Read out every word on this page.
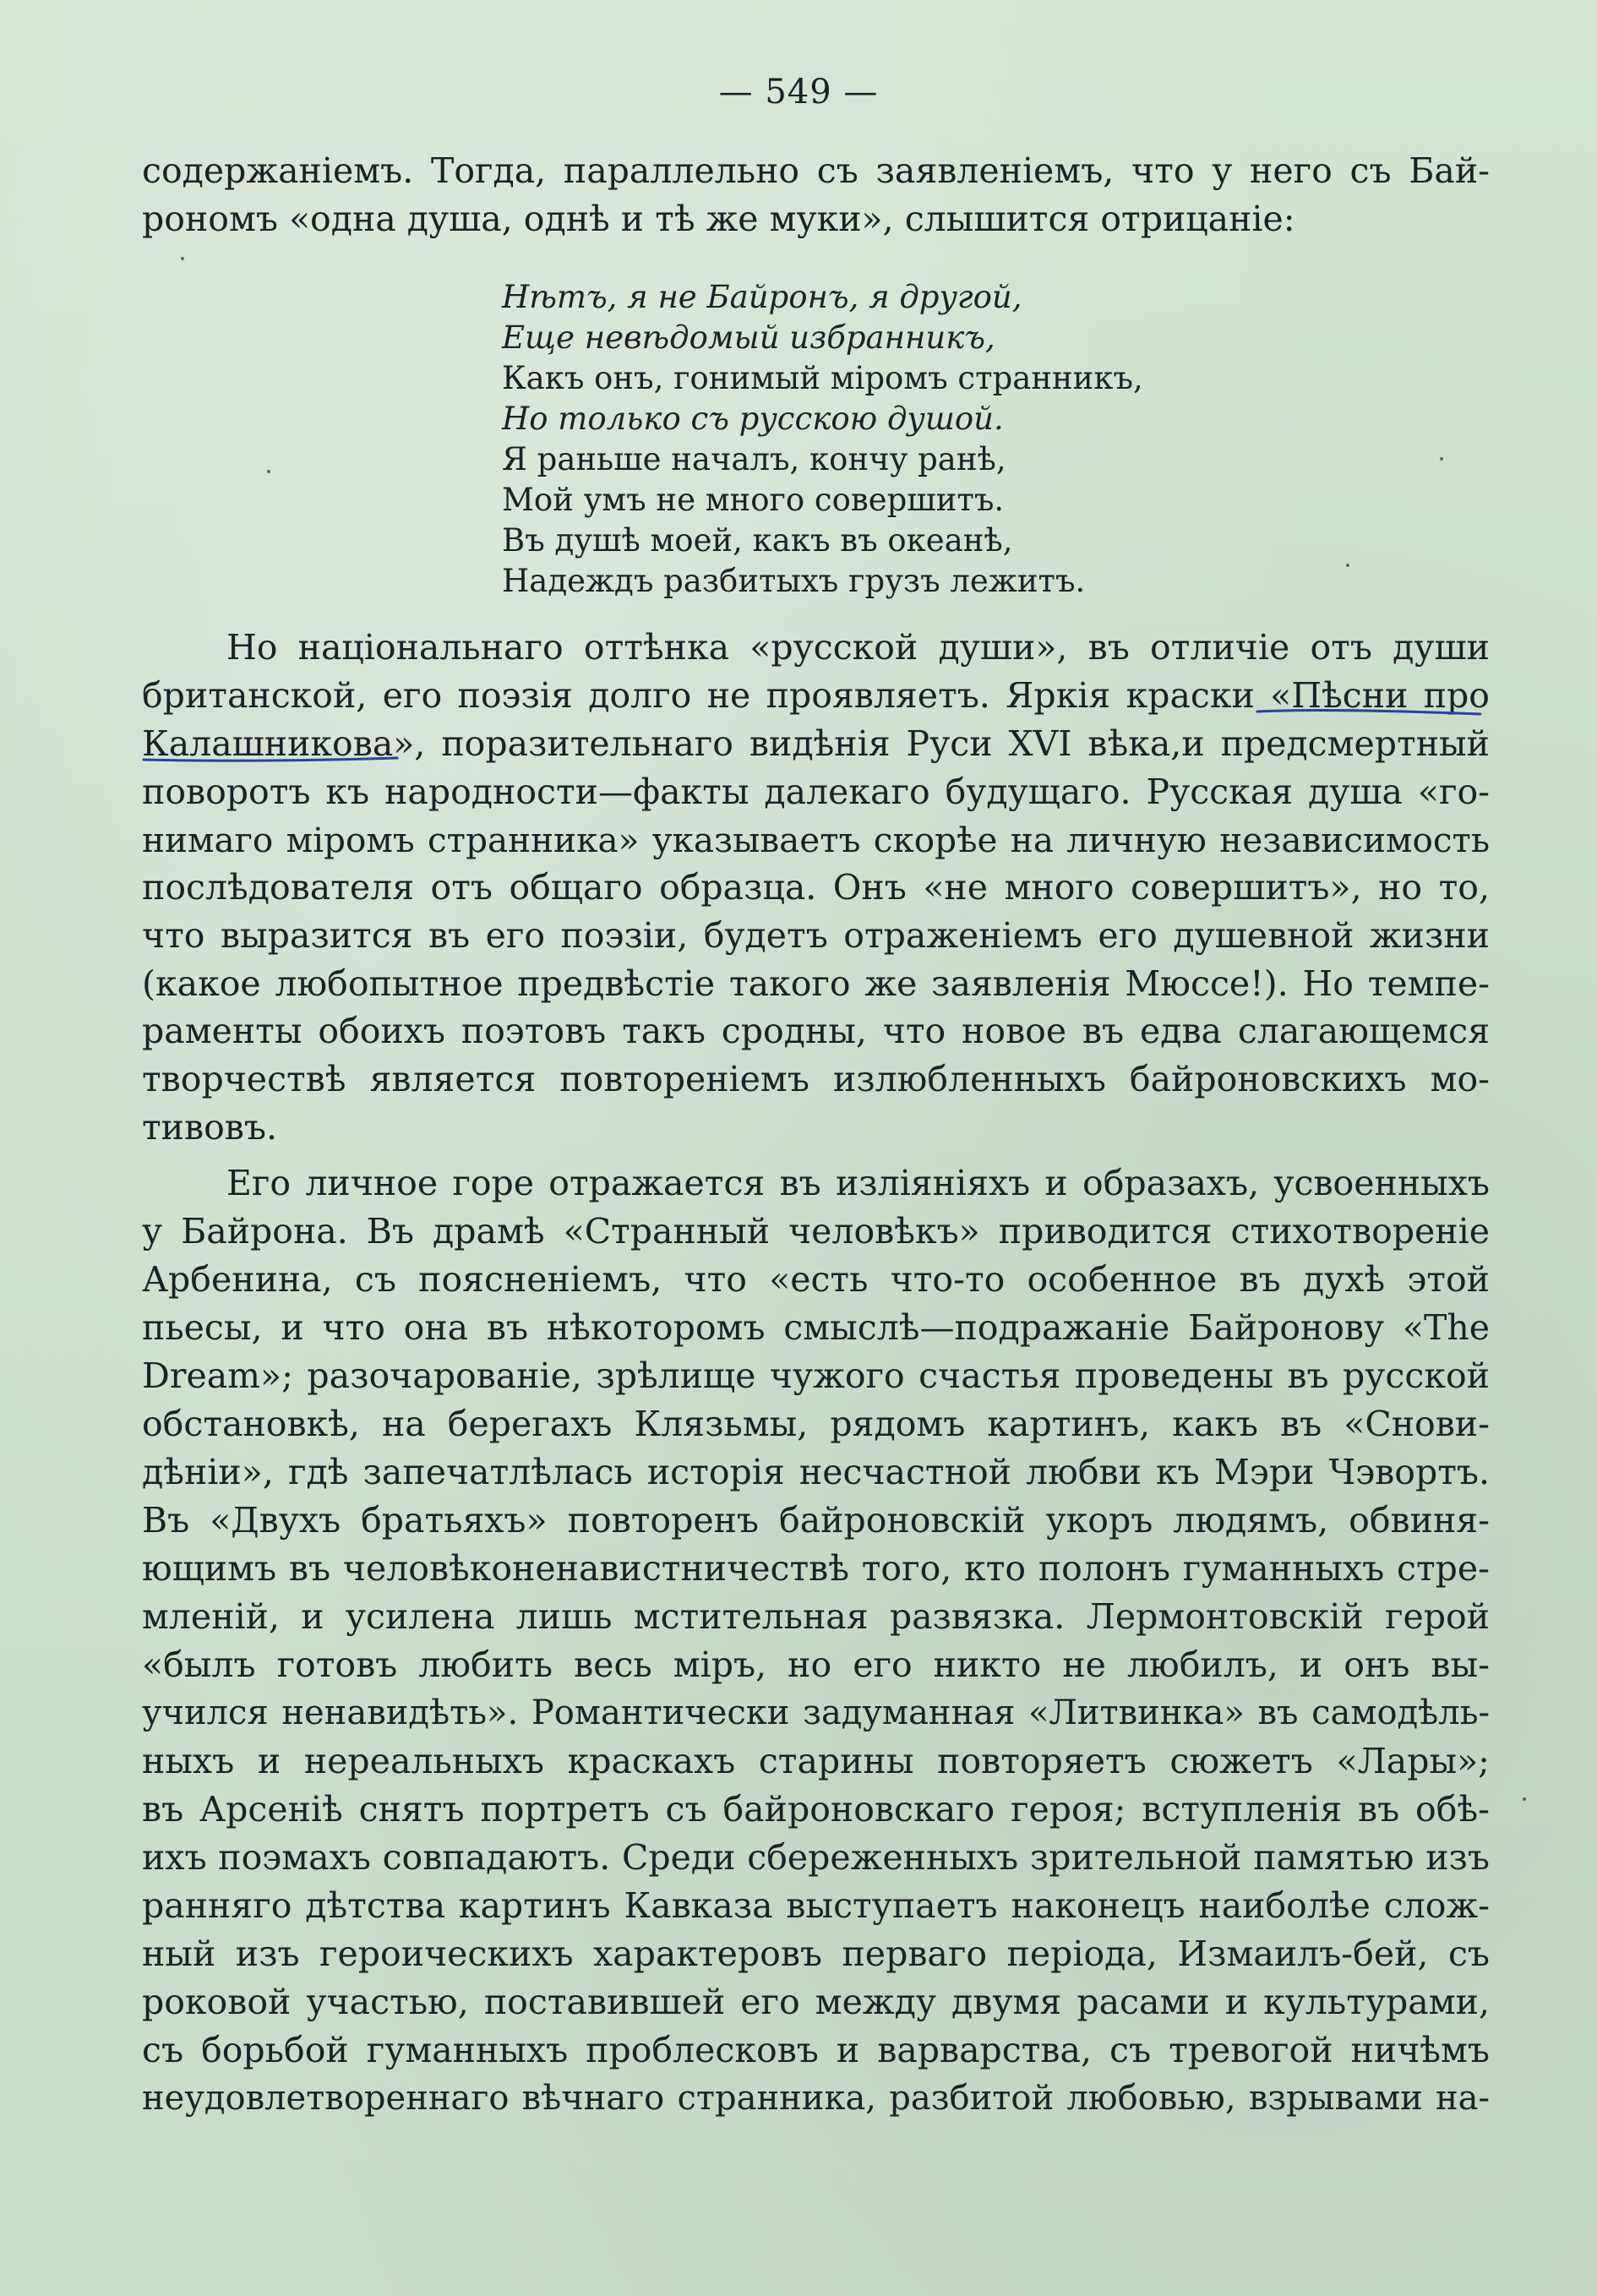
— 549 —
содержаніемъ. Тогда, параллельно съ заявленіемъ, что у него съ Бай-
рономъ «одна душа, однѣ и тѣ же муки», слышится отрицаніе:
Нѣтъ, я не Байронъ, я другой,
Еще невѣдомый избранникъ,
Какъ онъ, гонимый міромъ странникъ,
Но только съ русскою душой.
Я раньше началъ, кончу ранѣ,
Мой умъ не много совершитъ.
Въ душѣ моей, какъ въ океанѣ,
Надеждъ разбитыхъ грузъ лежитъ.
Но національнаго оттѣнка «русской души», въ отличіе отъ души
британской, его поэзія долго не проявляетъ. Яркія краски «Пѣсни про
Калашникова», поразительнаго видѣнія Руси XVI вѣка,и предсмертный
поворотъ къ народности—факты далекаго будущаго. Русская душа «го-
нимаго міромъ странника» указываетъ скорѣе на личную независимость
послѣдователя отъ общаго образца. Онъ «не много совершитъ», но то,
что выразится въ его поэзіи, будетъ отраженіемъ его душевной жизни
(какое любопытное предвѣстіе такого же заявленія Мюссе!). Но темпе-
раменты обоихъ поэтовъ такъ сродны, что новое въ едва слагающемся
творчествѣ является повтореніемъ излюбленныхъ байроновскихъ мо-
тивовъ.
Его личное горе отражается въ изліяніяхъ и образахъ, усвоенныхъ
у Байрона. Въ драмѣ «Странный человѣкъ» приводится стихотвореніе
Арбенина, съ поясненіемъ, что «есть что-то особенное въ духѣ этой
пьесы, и что она въ нѣкоторомъ смыслѣ—подражаніе Байронову «The
Dream»; разочарованіе, зрѣлище чужого счастья проведены въ русской
обстановкѣ, на берегахъ Клязьмы, рядомъ картинъ, какъ въ «Снови-
дѣніи», гдѣ запечатлѣлась исторія несчастной любви къ Мэри Чэвортъ.
Въ «Двухъ братьяхъ» повторенъ байроновскій укоръ людямъ, обвиня-
ющимъ въ человѣконенавистничествѣ того, кто полонъ гуманныхъ стре-
мленій, и усилена лишь мстительная развязка. Лермонтовскій герой
«былъ готовъ любить весь міръ, но его никто не любилъ, и онъ вы-
учился ненавидѣть». Романтически задуманная «Литвинка» въ самодѣль-
ныхъ и нереальныхъ краскахъ старины повторяетъ сюжетъ «Лары»;
въ Арсеніѣ снятъ портретъ съ байроновскаго героя; вступленія въ обѣ-
ихъ поэмахъ совпадаютъ. Среди сбереженныхъ зрительной памятью изъ
ранняго дѣтства картинъ Кавказа выступаетъ наконецъ наиболѣе слож-
ный изъ героическихъ характеровъ перваго періода, Измаилъ-бей, съ
роковой участью, поставившей его между двумя расами и культурами,
съ борьбой гуманныхъ проблесковъ и варварства, съ тревогой ничѣмъ
неудовлетвореннаго вѣчнаго странника, разбитой любовью, взрывами на-
